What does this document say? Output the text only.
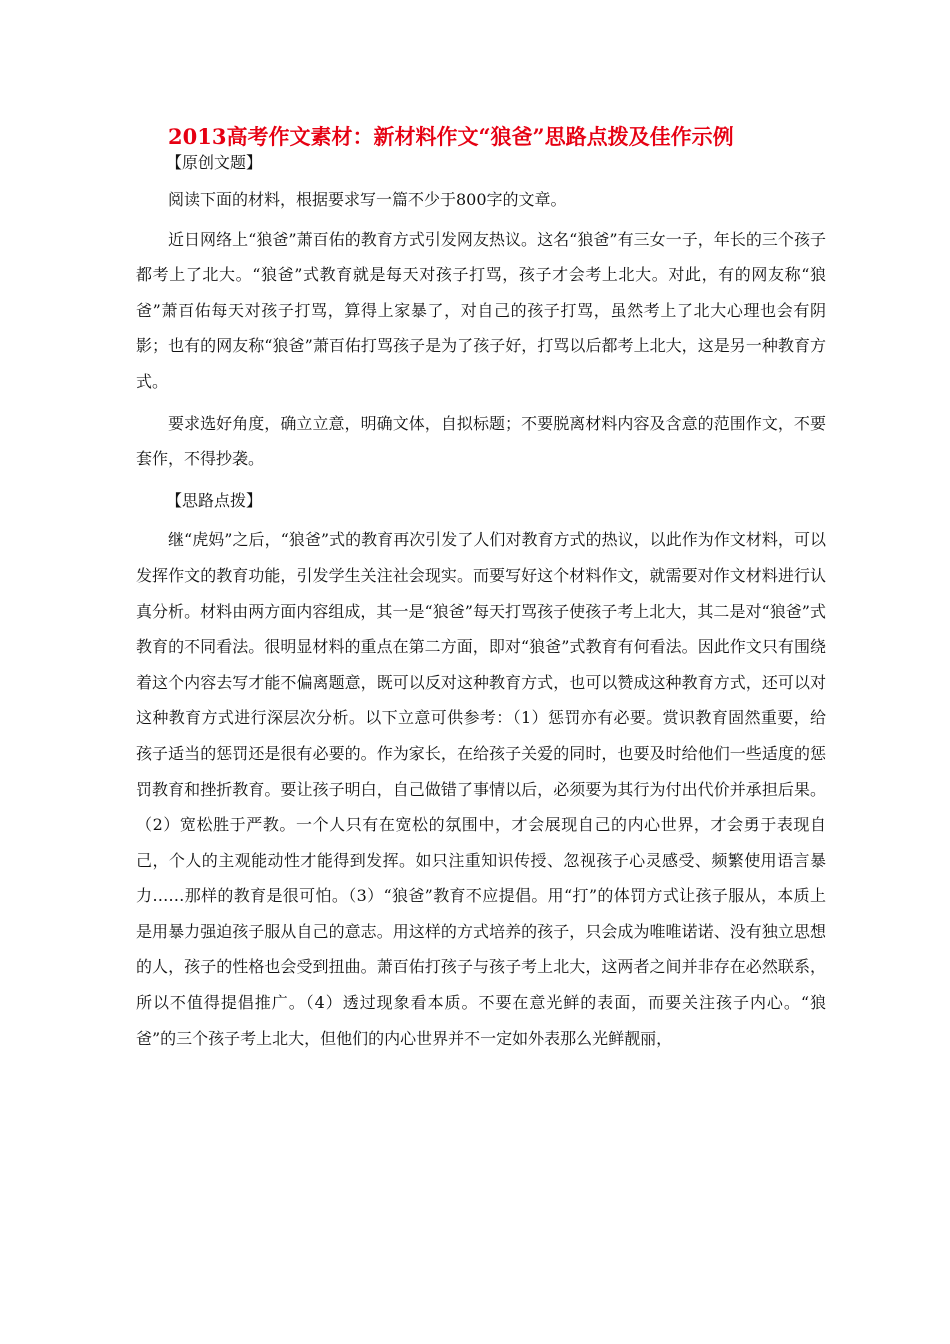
2013高考作文素材：新材料作文“狼爸”思路点拨及佳作示例

【原创文题】

阅读下面的材料，根据要求写一篇不少于800字的文章。

近日网络上“狼爸”萧百佑的教育方式引发网友热议。这名“狼爸”有三女一子，年长的三个孩子都考上了北大。“狼爸”式教育就是每天对孩子打骂，孩子才会考上北大。对此，有的网友称“狼爸”萧百佑每天对孩子打骂，算得上家暴了，对自己的孩子打骂，虽然考上了北大心理也会有阴影；也有的网友称“狼爸”萧百佑打骂孩子是为了孩子好，打骂以后都考上北大，这是另一种教育方式。

要求选好角度，确立立意，明确文体，自拟标题；不要脱离材料内容及含意的范围作文，不要套作，不得抄袭。

【思路点拨】

继“虎妈”之后，“狼爸”式的教育再次引发了人们对教育方式的热议，以此作为作文材料，可以发挥作文的教育功能，引发学生关注社会现实。而要写好这个材料作文，就需要对作文材料进行认真分析。材料由两方面内容组成，其一是“狼爸”每天打骂孩子使孩子考上北大，其二是对“狼爸”式教育的不同看法。很明显材料的重点在第二方面，即对“狼爸”式教育有何看法。因此作文只有围绕着这个内容去写才能不偏离题意，既可以反对这种教育方式，也可以赞成这种教育方式，还可以对这种教育方式进行深层次分析。以下立意可供参考：（1）惩罚亦有必要。赏识教育固然重要，给孩子适当的惩罚还是很有必要的。作为家长，在给孩子关爱的同时，也要及时给他们一些适度的惩罚教育和挫折教育。要让孩子明白，自己做错了事情以后，必须要为其行为付出代价并承担后果。（2）宽松胜于严教。一个人只有在宽松的氛围中，才会展现自己的内心世界，才会勇于表现自己，个人的主观能动性才能得到发挥。如只注重知识传授、忽视孩子心灵感受、频繁使用语言暴力……那样的教育是很可怕。（3）“狼爸”教育不应提倡。用“打”的体罚方式让孩子服从，本质上是用暴力强迫孩子服从自己的意志。用这样的方式培养的孩子，只会成为唯唯诺诺、没有独立思想的人，孩子的性格也会受到扭曲。萧百佑打孩子与孩子考上北大，这两者之间并非存在必然联系，所以不值得提倡推广。（4）透过现象看本质。不要在意光鲜的表面，而要关注孩子内心。“狼爸”的三个孩子考上北大，但他们的内心世界并不一定如外表那么光鲜靓丽，
